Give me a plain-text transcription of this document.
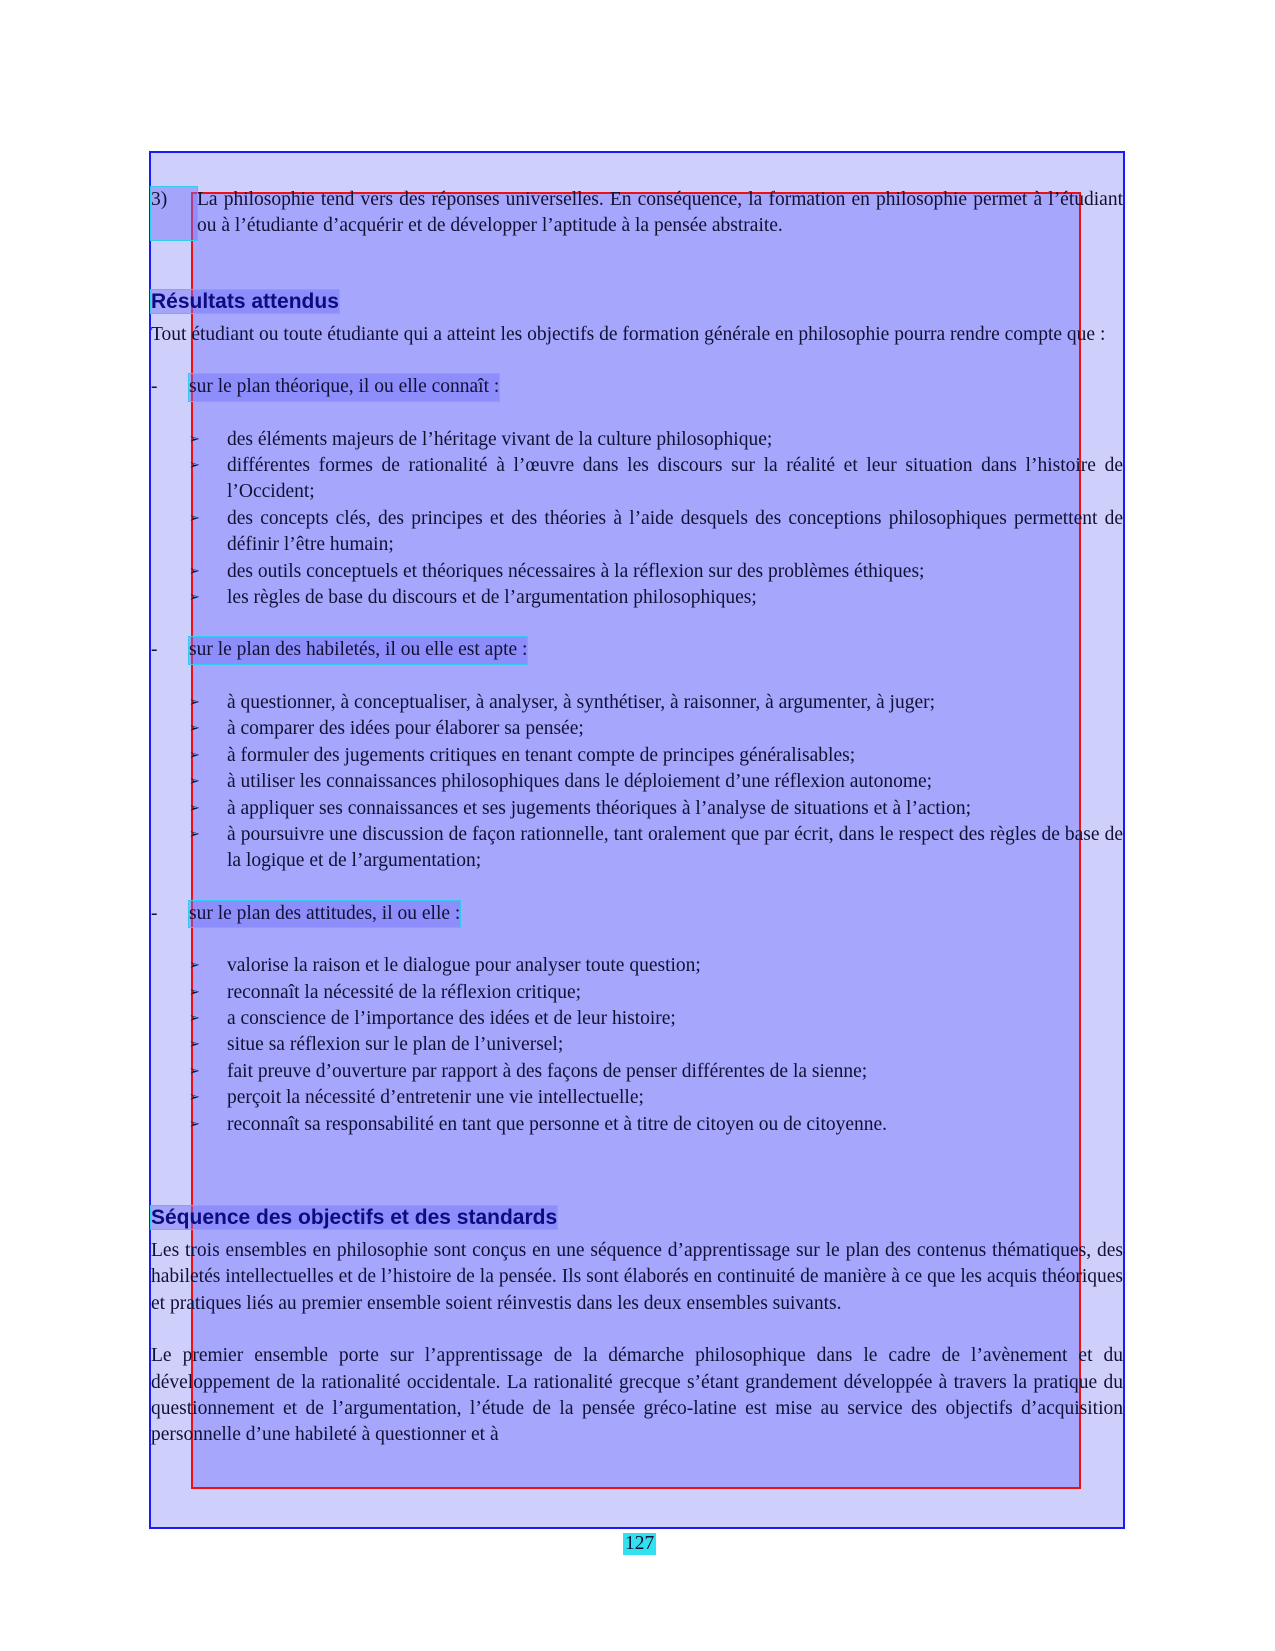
3)	La philosophie tend vers des réponses universelles. En conséquence, la formation en philosophie permet à l’étudiant ou à l’étudiante d’acquérir et de développer l’aptitude à la pensée abstraite.
Résultats attendus

Tout étudiant ou toute étudiante qui a atteint les objectifs de formation générale en philosophie pourra rendre compte que :

-	sur le plan théorique, il ou elle connaît :
➢	des éléments majeurs de l’héritage vivant de la culture philosophique;
➢	différentes formes de rationalité à l’œuvre dans les discours sur la réalité et leur situation dans l’histoire de l’Occident;
➢	des concepts clés, des principes et des théories à l’aide desquels des conceptions philosophiques permettent de définir l’être humain;
➢	des outils conceptuels et théoriques nécessaires à la réflexion sur des problèmes éthiques;
➢	les règles de base du discours et de l’argumentation philosophiques;
-	sur le plan des habiletés, il ou elle est apte :
➢	à questionner, à conceptualiser, à analyser, à synthétiser, à raisonner, à argumenter, à juger;
➢	à comparer des idées pour élaborer sa pensée;
➢	à formuler des jugements critiques en tenant compte de principes généralisables;
➢	à utiliser les connaissances philosophiques dans le déploiement d’une réflexion autonome;
➢	à appliquer ses connaissances et ses jugements théoriques à l’analyse de situations et à l’action;
➢	à poursuivre une discussion de façon rationnelle, tant oralement que par écrit, dans le respect des règles de base de la logique et de l’argumentation;
-	sur le plan des attitudes, il ou elle :
➢	valorise la raison et le dialogue pour analyser toute question;
➢	reconnaît la nécessité de la réflexion critique;
➢	a conscience de l’importance des idées et de leur histoire;
➢	situe sa réflexion sur le plan de l’universel;
➢	fait preuve d’ouverture par rapport à des façons de penser différentes de la sienne;
➢	perçoit la nécessité d’entretenir une vie intellectuelle;
➢	reconnaît sa responsabilité en tant que personne et à titre de citoyen ou de citoyenne.
Séquence des objectifs et des standards

Les trois ensembles en philosophie sont conçus en une séquence d’apprentissage sur le plan des contenus thématiques, des habiletés intellectuelles et de l’histoire de la pensée. Ils sont élaborés en continuité de manière à ce que les acquis théoriques et pratiques liés au premier ensemble soient réinvestis dans les deux ensembles suivants.

Le premier ensemble porte sur l’apprentissage de la démarche philosophique dans le cadre de l’avènement et du développement de la rationalité occidentale. La rationalité grecque s’étant grandement développée à travers la pratique du questionnement et de l’argumentation, l’étude de la pensée gréco-latine est mise au service des objectifs d’acquisition personnelle d’une habileté à questionner et à

127
